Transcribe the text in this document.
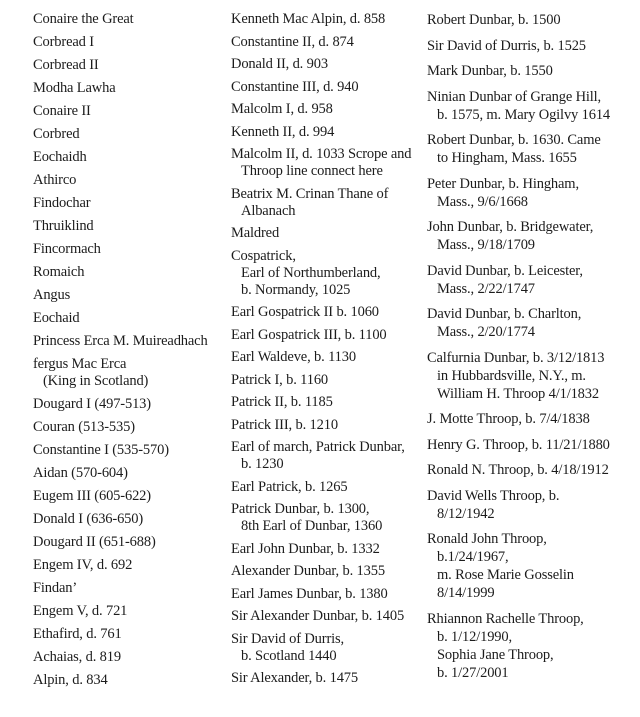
Conaire the Great
Corbread I
Corbread II
Modha Lawha
Conaire II
Corbred
Eochaidh
Athirco
Findochar
Thruiklind
Fincormach
Romaich
Angus
Eochaid
Princess Erca M. Muireadhach
fergus Mac Erca
(King in Scotland)
Dougard I (497-513)
Couran (513-535)
Constantine I (535-570)
Aidan (570-604)
Eugem III (605-622)
Donald I (636-650)
Dougard II (651-688)
Engem IV, d. 692
Findan’
Engem V, d. 721
Ethafird, d. 761
Achaias, d. 819
Alpin, d. 834
Kenneth Mac Alpin, d. 858
Constantine II, d. 874
Donald II, d. 903
Constantine III, d. 940
Malcolm I, d. 958
Kenneth II, d. 994
Malcolm II, d. 1033 Scrope and
Throop line connect here
Beatrix M. Crinan Thane of
Albanach
Maldred
Cospatrick,
Earl of Northumberland,
b. Normandy, 1025
Earl Gospatrick II b. 1060
Earl Gospatrick III, b. 1100
Earl Waldeve, b. 1130
Patrick I, b. 1160
Patrick II, b. 1185
Patrick III, b. 1210
Earl of march, Patrick Dunbar,
b. 1230
Earl Patrick, b. 1265
Patrick Dunbar, b. 1300,
8th Earl of Dunbar, 1360
Earl John Dunbar, b. 1332
Alexander Dunbar, b. 1355
Earl James Dunbar, b. 1380
Sir Alexander Dunbar, b. 1405
Sir David of Durris,
b. Scotland 1440
Sir Alexander, b. 1475
Robert Dunbar, b. 1500
Sir David of Durris, b. 1525
Mark Dunbar, b. 1550
Ninian Dunbar of Grange Hill,
b. 1575, m. Mary Ogilvy 1614
Robert Dunbar, b. 1630. Came
to Hingham, Mass. 1655
Peter Dunbar, b. Hingham,
Mass., 9/6/1668
John Dunbar, b. Bridgewater,
Mass., 9/18/1709
David Dunbar, b. Leicester,
Mass., 2/22/1747
David Dunbar, b. Charlton,
Mass., 2/20/1774
Calfurnia Dunbar, b. 3/12/1813
in Hubbardsville, N.Y., m.
William H. Throop 4/1/1832
J. Motte Throop, b. 7/4/1838
Henry G. Throop, b. 11/21/1880
Ronald N. Throop, b. 4/18/1912
David Wells Throop, b.
8/12/1942
Ronald John Throop,
b.1/24/1967,
m. Rose Marie Gosselin
8/14/1999
Rhiannon Rachelle Throop,
b. 1/12/1990,
Sophia Jane Throop,
b. 1/27/2001
